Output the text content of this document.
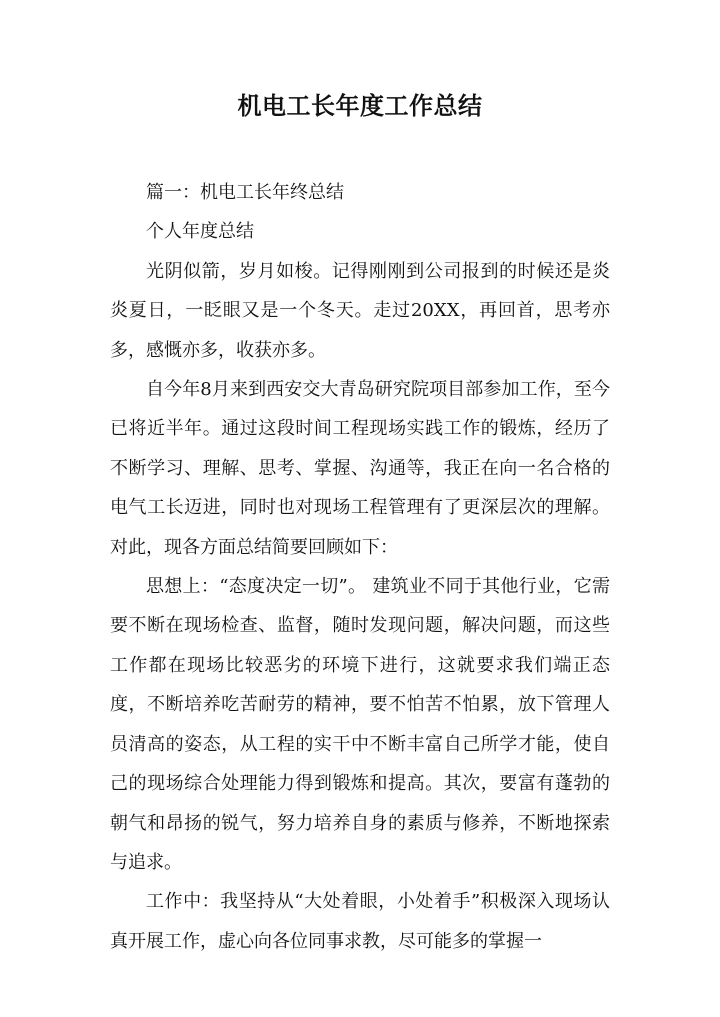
机电工长年度工作总结

篇一：机电工长年终总结

个人年度总结

光阴似箭，岁月如梭。记得刚刚到公司报到的时候还是炎炎夏日，一眨眼又是一个冬天。走过20XX，再回首，思考亦多，感慨亦多，收获亦多。

自今年8月来到西安交大青岛研究院项目部参加工作，至今已将近半年。通过这段时间工程现场实践工作的锻炼，经历了不断学习、理解、思考、掌握、沟通等，我正在向一名合格的电气工长迈进，同时也对现场工程管理有了更深层次的理解。对此，现各方面总结简要回顾如下：

思想上：“态度决定一切”。 建筑业不同于其他行业，它需要不断在现场检查、监督，随时发现问题，解决问题，而这些工作都在现场比较恶劣的环境下进行，这就要求我们端正态度，不断培养吃苦耐劳的精神，要不怕苦不怕累，放下管理人员清高的姿态，从工程的实干中不断丰富自己所学才能，使自己的现场综合处理能力得到锻炼和提高。其次，要富有蓬勃的朝气和昂扬的锐气，努力培养自身的素质与修养，不断地探索与追求。

工作中：我坚持从“大处着眼，小处着手”积极深入现场认真开展工作，虚心向各位同事求教，尽可能多的掌握一
